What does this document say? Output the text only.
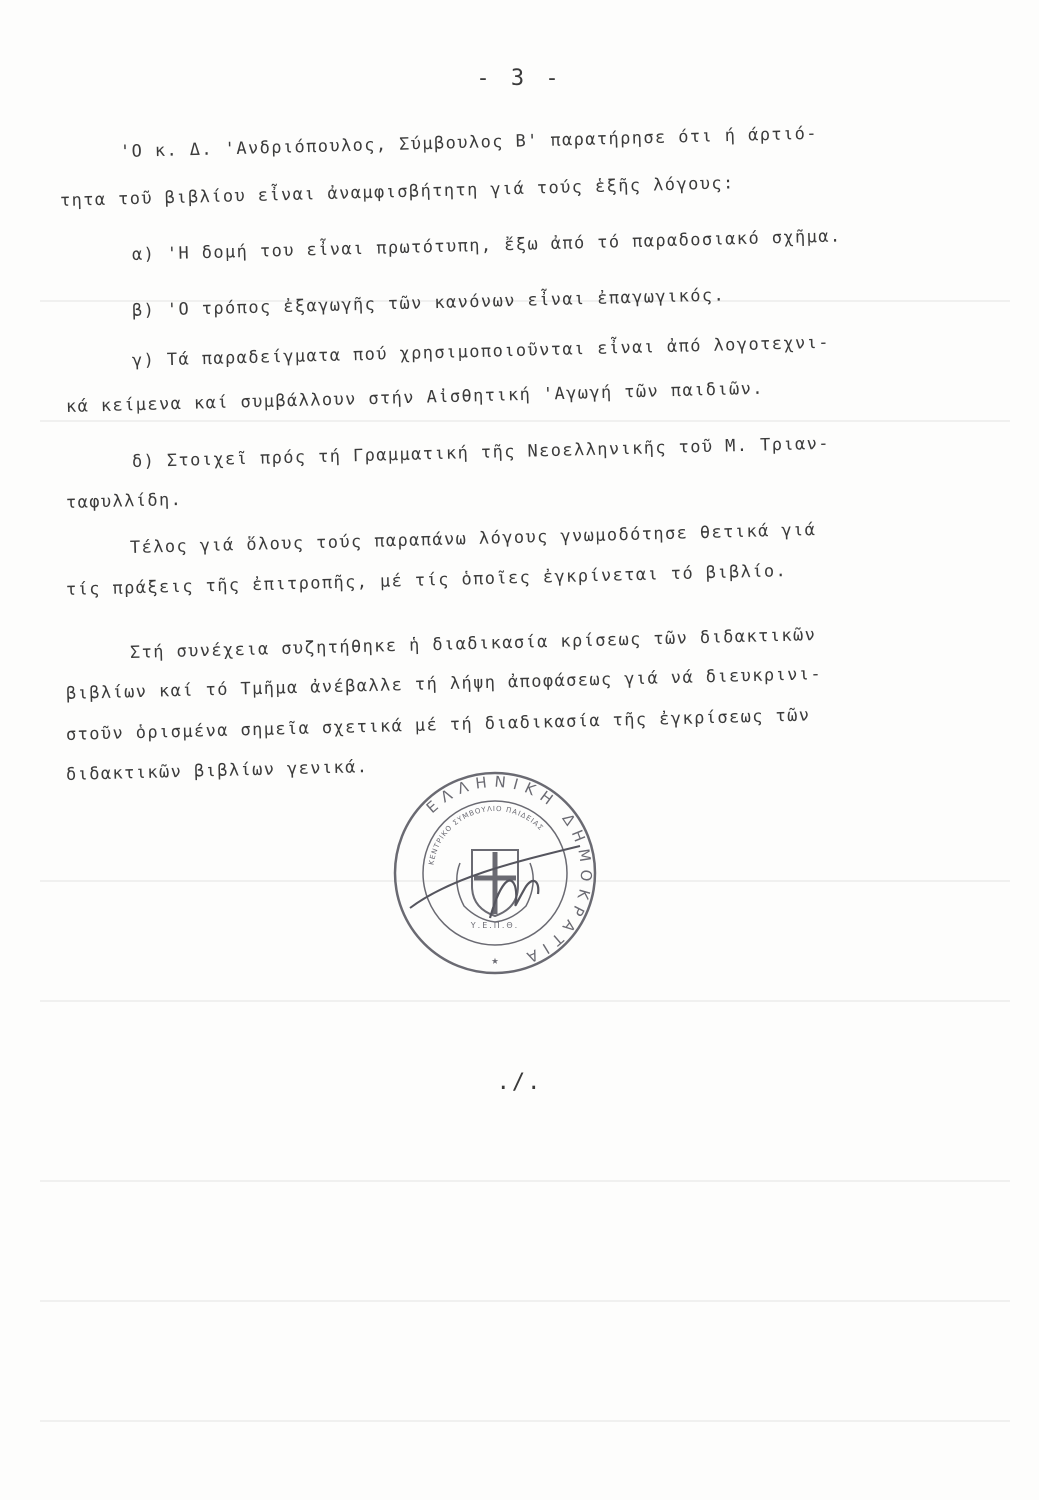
- 3 -
'Ο κ. Δ. 'Ανδριόπουλος, Σύμβουλος Β' παρατήρησε ότι ή άρτιό-
τητα τοῦ βιβλίου εἶναι ἀναμφισβήτητη γιά τούς ἑξῆς λόγους:
α) 'Η δομή του εἶναι πρωτότυπη, ἔξω ἀπό τό παραδοσιακό σχῆμα.
β) 'Ο τρόπος ἐξαγωγῆς τῶν κανόνων εἶναι ἐπαγωγικός.
γ) Τά παραδείγματα πού χρησιμοποιοῦνται εἶναι ἀπό λογοτεχνι-
κά κείμενα καί συμβάλλουν στήν Αἰσθητική 'Αγωγή τῶν παιδιῶν.
δ) Στοιχεῖ πρός τή Γραμματική τῆς Νεοελληνικῆς τοῦ Μ. Τριαν-
ταφυλλίδη.
Τέλος γιά ὅλους τούς παραπάνω λόγους γνωμοδότησε θετικά γιά
τίς πράξεις τῆς ἐπιτροπῆς, μέ τίς ὁποῖες ἐγκρίνεται τό βιβλίο.
Στή συνέχεια συζητήθηκε ἡ διαδικασία κρίσεως τῶν διδακτικῶν
βιβλίων καί τό Τμῆμα ἀνέβαλλε τή λήψη ἀποφάσεως γιά νά διευκρινι-
στοῦν ὁρισμένα σημεῖα σχετικά μέ τή διαδικασία τῆς ἐγκρίσεως τῶν
διδακτικῶν βιβλίων γενικά.
ΕΛΛΗΝΙΚΗ ΔΗΜΟΚΡΑΤΙΑ
ΚΕΝΤΡΙΚΟ ΣΥΜΒΟΥΛΙΟ ΠΑΙΔΕΙΑΣ
Υ.Ε.Π.Θ.
★
./.
